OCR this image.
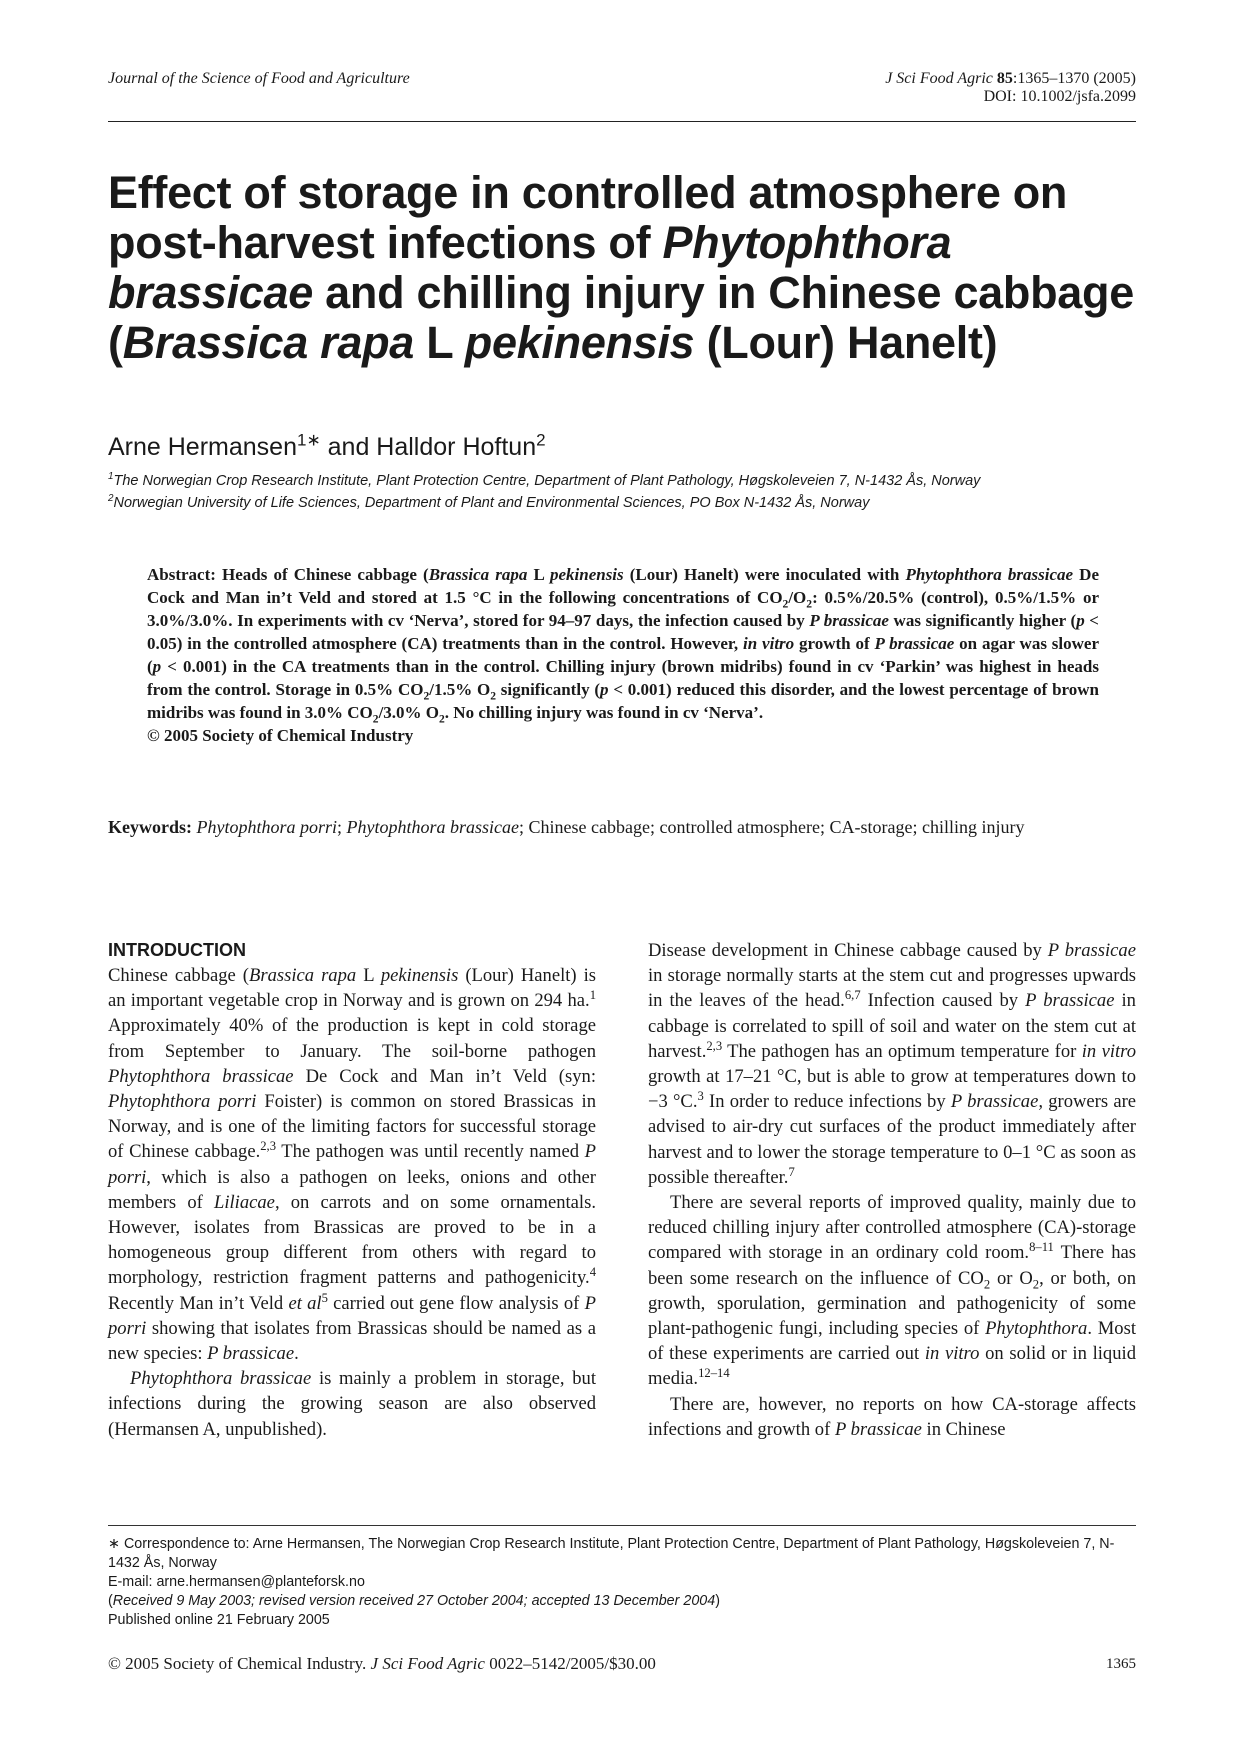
Journal of the Science of Food and Agriculture	J Sci Food Agric 85:1365–1370 (2005)
DOI: 10.1002/jsfa.2099
Effect of storage in controlled atmosphere on post-harvest infections of Phytophthora brassicae and chilling injury in Chinese cabbage (Brassica rapa L pekinensis (Lour) Hanelt)
Arne Hermansen$^{1∗}$ and Halldor Hoftun$^2$
$^1$The Norwegian Crop Research Institute, Plant Protection Centre, Department of Plant Pathology, Høgskoleveien 7, N-1432 Ås, Norway
$^2$Norwegian University of Life Sciences, Department of Plant and Environmental Sciences, PO Box N-1432 Ås, Norway

Abstract: Heads of Chinese cabbage (Brassica rapa L pekinensis (Lour) Hanelt) were inoculated with Phytophthora brassicae De Cock and Man in’t Veld and stored at 1.5 °C in the following concentrations of $CO_2/O_2$: 0.5%/20.5% (control), 0.5%/1.5% or 3.0%/3.0%. In experiments with cv ‘Nerva’, stored for 94–97 days, the infection caused by P brassicae was significantly higher (p < 0.05) in the controlled atmosphere (CA) treatments than in the control. However, in vitro growth of P brassicae on agar was slower (p < 0.001) in the CA treatments than in the control. Chilling injury (brown midribs) found in cv ‘Parkin’ was highest in heads from the control. Storage in 0.5% $CO_2/1.5\%$ $O_2$ significantly (p < 0.001) reduced this disorder, and the lowest percentage of brown midribs was found in 3.0% $CO_2/3.0\%$ $O_2$. No chilling injury was found in cv ‘Nerva’.

© 2005 Society of Chemical Industry

Keywords: Phytophthora porri; Phytophthora brassicae; Chinese cabbage; controlled atmosphere; CA-storage; chilling injury
INTRODUCTION

Chinese cabbage (Brassica rapa L pekinensis (Lour) Hanelt) is an important vegetable crop in Norway and is grown on 294 ha.$^1$ Approximately 40% of the production is kept in cold storage from September to January. The soil-borne pathogen Phytophthora brassicae De Cock and Man in’t Veld (syn: Phytophthora porri Foister) is common on stored Brassicas in Norway, and is one of the limiting factors for successful storage of Chinese cabbage.$^{2,3}$ The pathogen was until recently named P porri, which is also a pathogen on leeks, onions and other members of Liliacae, on carrots and on some ornamentals. However, isolates from Brassicas are proved to be in a homogeneous group different from others with regard to morphology, restriction fragment patterns and pathogenicity.$^4$ Recently Man in’t Veld et $al^5$ carried out gene flow analysis of P porri showing that isolates from Brassicas should be named as a new species: P brassicae.

Phytophthora brassicae is mainly a problem in storage, but infections during the growing season are also observed (Hermansen A, unpublished).

Disease development in Chinese cabbage caused by P brassicae in storage normally starts at the stem cut and progresses upwards in the leaves of the head.$^{6,7}$ Infection caused by P brassicae in cabbage is correlated to spill of soil and water on the stem cut at harvest.$^{2,3}$ The pathogen has an optimum temperature for in vitro growth at 17–21 °C, but is able to grow at temperatures down to −3 °C.$^3$ In order to reduce infections by P brassicae, growers are advised to air-dry cut surfaces of the product immediately after harvest and to lower the storage temperature to 0–1 °C as soon as possible thereafter.$^7$

There are several reports of improved quality, mainly due to reduced chilling injury after controlled atmosphere (CA)-storage compared with storage in an ordinary cold room.$^{8-11}$ There has been some research on the influence of $CO_2$ or $O_2$, or both, on growth, sporulation, germination and pathogenicity of some plant-pathogenic fungi, including species of Phytophthora. Most of these experiments are carried out in vitro on solid or in liquid media.$^{12-14}$

There are, however, no reports on how CA-storage affects infections and growth of P brassicae in Chinese

∗ Correspondence to: Arne Hermansen, The Norwegian Crop Research Institute, Plant Protection Centre, Department of Plant Pathology, Høgskoleveien 7, N-1432 Ås, Norway
E-mail: arne.hermansen@planteforsk.no
(Received 9 May 2003; revised version received 27 October 2004; accepted 13 December 2004)
Published online 21 February 2005
© 2005 Society of Chemical Industry. J Sci Food Agric 0022–5142/2005/$30.00	1365
